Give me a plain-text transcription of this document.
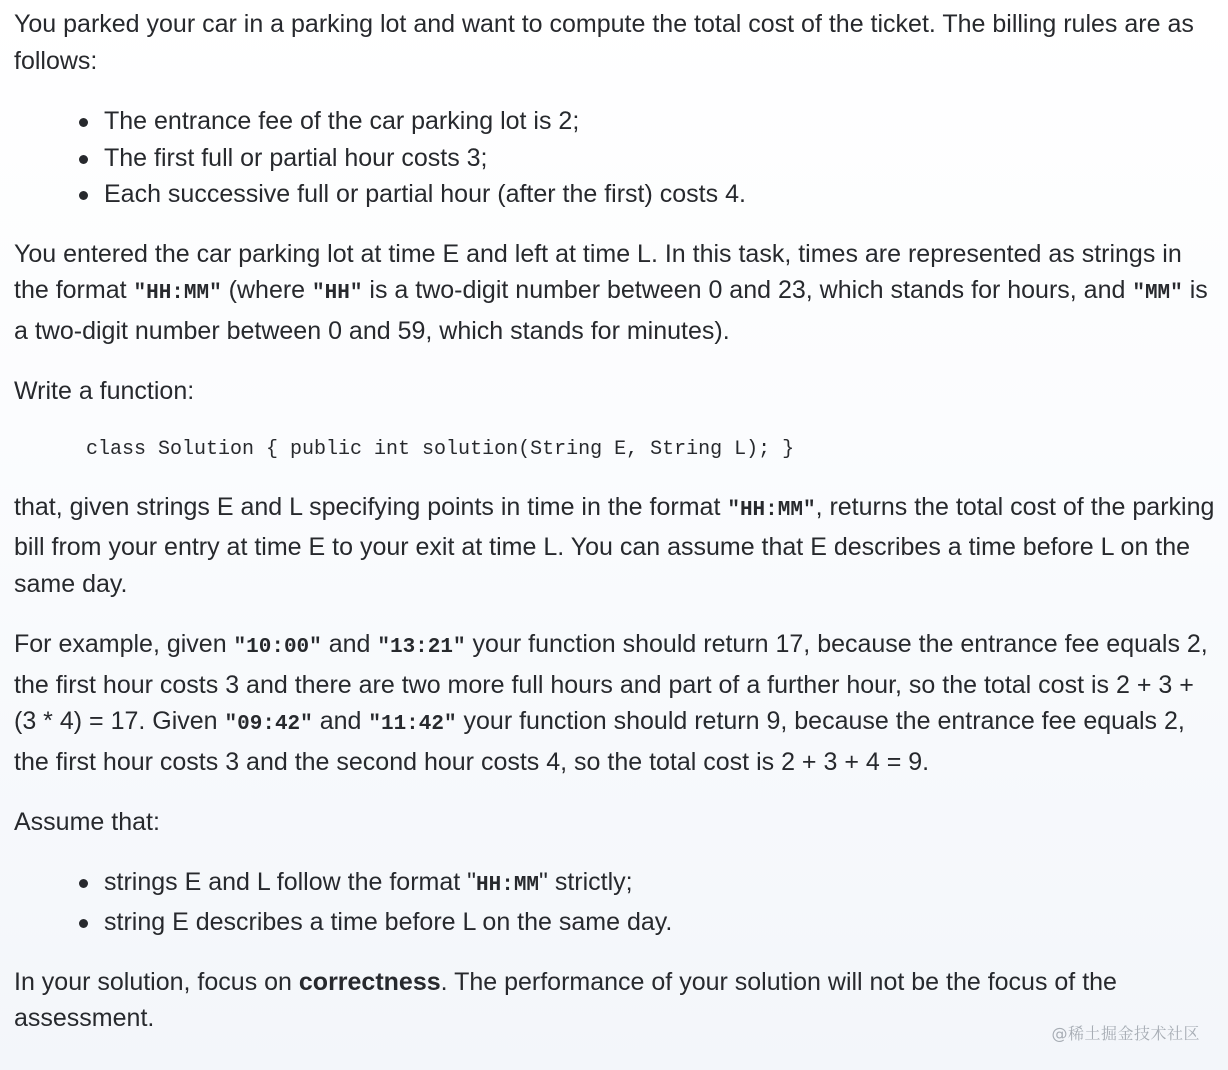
You parked your car in a parking lot and want to compute the total cost of the ticket. The billing rules are as follows:

The entrance fee of the car parking lot is 2;
The first full or partial hour costs 3;
Each successive full or partial hour (after the first) costs 4.

You entered the car parking lot at time E and left at time L. In this task, times are represented as strings in the format "HH:MM" (where "HH" is a two-digit number between 0 and 23, which stands for hours, and "MM" is a two-digit number between 0 and 59, which stands for minutes).

Write a function:

class Solution { public int solution(String E, String L); }

that, given strings E and L specifying points in time in the format "HH:MM", returns the total cost of the parking bill from your entry at time E to your exit at time L. You can assume that E describes a time before L on the same day.

For example, given "10:00" and "13:21" your function should return 17, because the entrance fee equals 2, the first hour costs 3 and there are two more full hours and part of a further hour, so the total cost is 2 + 3 + (3 * 4) = 17. Given "09:42" and "11:42" your function should return 9, because the entrance fee equals 2, the first hour costs 3 and the second hour costs 4, so the total cost is 2 + 3 + 4 = 9.

Assume that:

strings E and L follow the format "HH:MM" strictly;
string E describes a time before L on the same day.

In your solution, focus on correctness. The performance of your solution will not be the focus of the assessment.

@稀土掘金技术社区
